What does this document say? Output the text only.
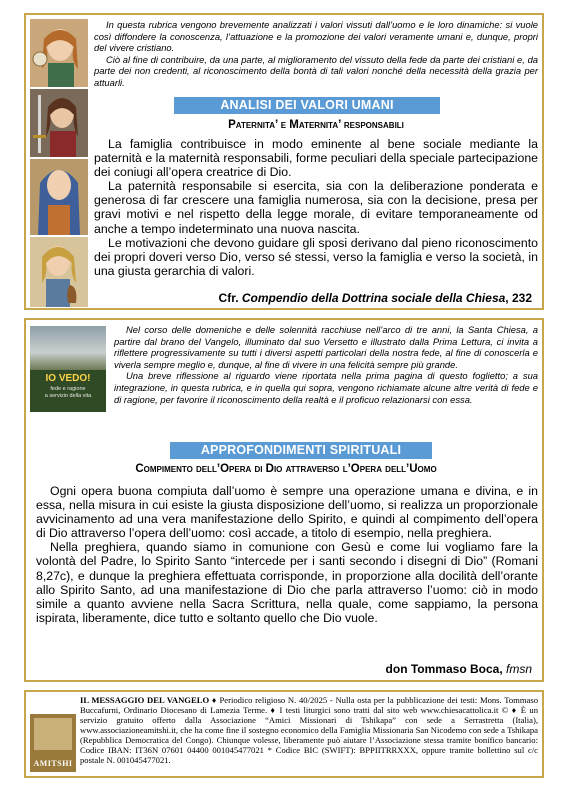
In questa rubrica vengono brevemente analizzati i valori vissuti dall’uomo e le loro dinamiche: si vuole così diffondere la conoscenza, l’attuazione e la promozione dei valori veramente umani e, dunque, propri del vivere cristiano.

Ciò al fine di contribuire, da una parte, al miglioramento del vissuto della fede da parte dei cristiani e, da parte dei non credenti, al riconoscimento della bontà di tali valori nonché della necessità della grazia per attuarli.

ANALISI DEI VALORI UMANI
Paternita’ e Maternita’ responsabili

La famiglia contribuisce in modo eminente al bene sociale mediante la paternità e la maternità responsabili, forme peculiari della speciale partecipazione dei coniugi all’opera creatrice di Dio.

La paternità responsabile si esercita, sia con la deliberazione ponderata e generosa di far crescere una famiglia numerosa, sia con la decisione, presa per gravi motivi e nel rispetto della legge morale, di evitare temporaneamente od anche a tempo indeterminato una nuova nascita.

Le motivazioni che devono guidare gli sposi derivano dal pieno riconoscimento dei propri doveri verso Dio, verso sé stessi, verso la famiglia e verso la società, in una giusta gerarchia di valori.

Cfr. Compendio della Dottrina sociale della Chiesa, 232
IO VEDO!
fede e ragione
a servizio della vita

Nel corso delle domeniche e delle solennità racchiuse nell’arco di tre anni, la Santa Chiesa, a partire dal brano del Vangelo, illuminato dal suo Versetto e illustrato dalla Prima Lettura, ci invita a riflettere progressivamente su tutti i diversi aspetti particolari della nostra fede, al fine di conoscerla e viverla sempre meglio e, dunque, al fine di vivere in una felicità sempre più grande.

Una breve riflessione al riguardo viene riportata nella prima pagina di questo foglietto; a sua integrazione, in questa rubrica, e in quella qui sopra, vengono richiamate alcune altre verità di fede e di ragione, per favorire il riconoscimento della realtà e il proficuo relazionarsi con essa.

APPROFONDIMENTI SPIRITUALI
Compimento dell’Opera di Dio attraverso l’Opera dell’Uomo

Ogni opera buona compiuta dall’uomo è sempre una operazione umana e divina, e in essa, nella misura in cui esiste la giusta disposizione dell’uomo, si realizza un proporzionale avvicinamento ad una vera manifestazione dello Spirito, e quindi al compimento dell’opera di Dio attraverso l’opera dell’uomo: così accade, a titolo di esempio, nella preghiera.

Nella preghiera, quando siamo in comunione con Gesù e come lui vogliamo fare la volontà del Padre, lo Spirito Santo “intercede per i santi secondo i disegni di Dio” (Romani 8,27c), e dunque la preghiera effettuata corrisponde, in proporzione alla docilità dell’orante allo Spirito Santo, ad una manifestazione di Dio che parla attraverso l’uomo: ciò in modo simile a quanto avviene nella Sacra Scrittura, nella quale, come sappiamo, la persona ispirata, liberamente, dice tutto e soltanto quello che Dio vuole.

don Tommaso Boca, fmsn
AMITSHI
IL MESSAGGIO DEL VANGELO ♦ Periodico religioso N. 40/2025 - Nulla osta per la pubblicazione dei testi: Mons. Tommaso Buccafurni, Ordinario Diocesano di Lamezia Terme. ♦ I testi liturgici sono tratti dal sito web www.chiesacattolica.it © ♦ È un servizio gratuito offerto dalla Associazione “Amici Missionari di Tshikapa” con sede a Serrastretta (Italia), www.associazioneamitshi.it, che ha come fine il sostegno economico della Famiglia Missionaria San Nicodemo con sede a Tshikapa (Repubblica Democratica del Congo). Chiunque volesse, liberamente può aiutare l’Associazione stessa tramite bonifico bancario: Codice IBAN: IT36N 07601 04400 001045477021 * Codice BIC (SWIFT): BPPIITRRXXX, oppure tramite bollettino sul c/c postale N. 001045477021.
